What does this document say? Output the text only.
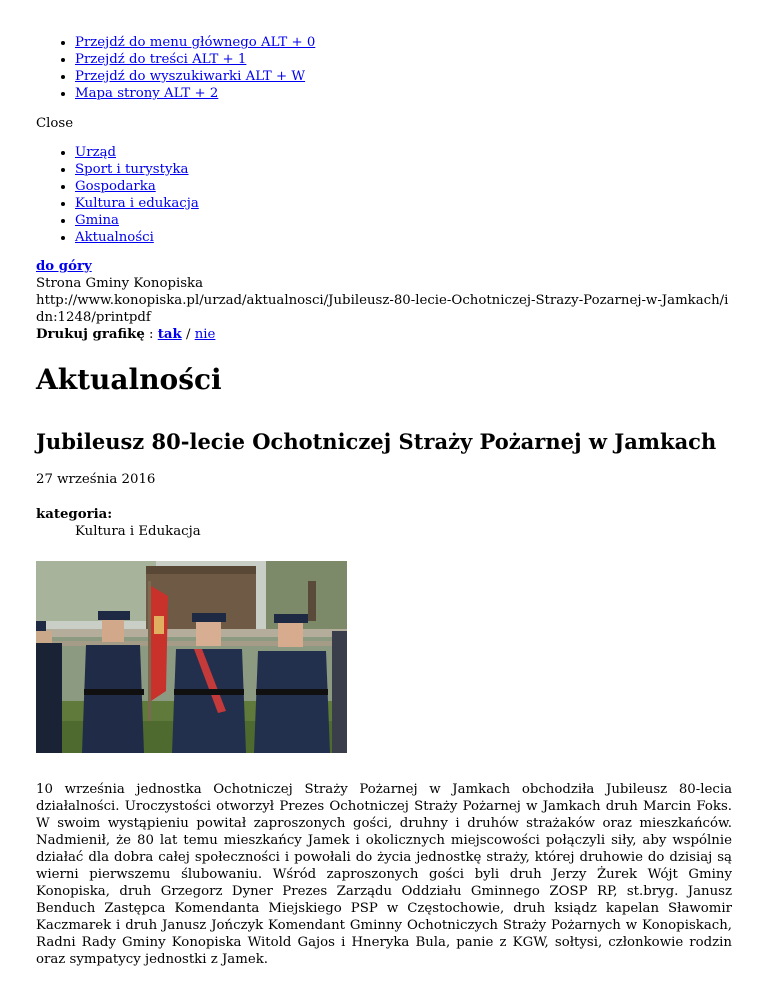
• Przejdź do menu głównego ALT + 0
• Przejdź do treści ALT + 1
• Przejdź do wyszukiwarki ALT + W
• Mapa strony ALT + 2
Close
• Urząd
• Sport i turystyka
• Gospodarka
• Kultura i edukacja
• Gmina
• Aktualności
do góry
Strona Gminy Konopiska
http://www.konopiska.pl/urzad/aktualnosci/Jubileusz-80-lecie-Ochotniczej-Strazy-Pozarnej-w-Jamkach/idn:1248/printpdf
Drukuj grafikę : tak / nie
Aktualności
Jubileusz 80-lecie Ochotniczej Straży Pożarnej w Jamkach
27 września 2016
kategoria:
Kultura i Edukacja
10 września jednostka Ochotniczej Straży Pożarnej w Jamkach obchodziła Jubileusz 80-lecia działalności. Uroczystości otworzył Prezes Ochotniczej Straży Pożarnej w Jamkach druh Marcin Foks. W swoim wystąpieniu powitał zaproszonych gości, druhny i druhów strażaków oraz mieszkańców. Nadmienił, że 80 lat temu mieszkańcy Jamek i okolicznych miejscowości połączyli siły, aby wspólnie działać dla dobra całej społeczności i powołali do życia jednostkę straży, której druhowie do dzisiaj są wierni pierwszemu ślubowaniu. Wśród zaproszonych gości byli druh Jerzy Żurek Wójt Gminy Konopiska, druh Grzegorz Dyner Prezes Zarządu Oddziału Gminnego ZOSP RP, st.bryg. Janusz Benduch Zastępca Komendanta Miejskiego PSP w Częstochowie, druh ksiądz kapelan Sławomir Kaczmarek i druh Janusz Jończyk Komendant Gminny Ochotniczych Straży Pożarnych w Konopiskach, Radni Rady Gminy Konopiska Witold Gajos i Hneryka Bula, panie z KGW, sołtysi, członkowie rodzin oraz sympatycy jednostki z Jamek.
